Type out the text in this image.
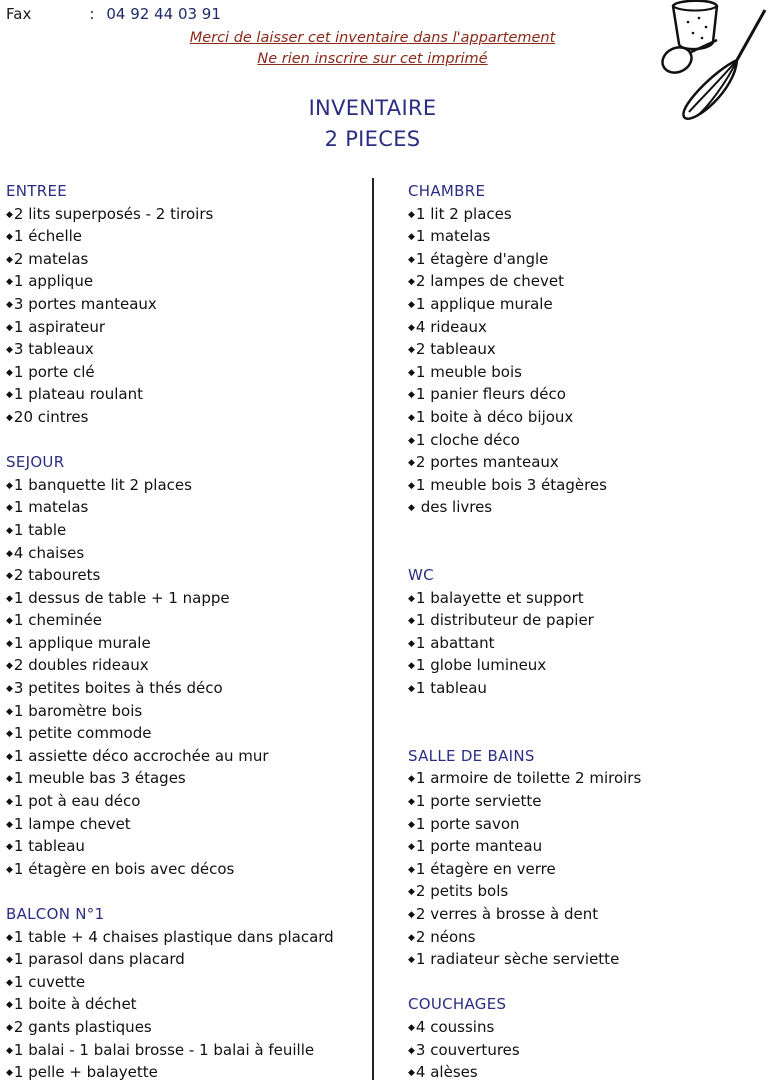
Fax	: 04 92 44 03 91
Merci de laisser cet inventaire dans l'appartement
Ne rien inscrire sur cet imprimé
INVENTAIRE
2 PIECES
ENTREE
◆2 lits superposés - 2 tiroirs
◆1 échelle
◆2 matelas
◆1 applique
◆3 portes manteaux
◆1 aspirateur
◆3 tableaux
◆1 porte clé
◆1 plateau roulant
◆20 cintres
SEJOUR
◆1 banquette lit 2 places
◆1 matelas
◆1 table
◆4 chaises
◆2 tabourets
◆1 dessus de table + 1 nappe
◆1 cheminée
◆1 applique murale
◆2 doubles rideaux
◆3 petites boites à thés déco
◆1 baromètre bois
◆1 petite commode
◆1 assiette déco accrochée au mur
◆1 meuble bas 3 étages
◆1 pot à eau déco
◆1 lampe chevet
◆1 tableau
◆1 étagère en bois avec décos
BALCON N°1
◆1 table + 4 chaises plastique dans placard
◆1 parasol dans placard
◆1 cuvette
◆1 boite à déchet
◆2 gants plastiques
◆1 balai - 1 balai brosse - 1 balai à feuille
◆1 pelle + balayette
CHAMBRE
◆1 lit 2 places
◆1 matelas
◆1 étagère d'angle
◆2 lampes de chevet
◆1 applique murale
◆4 rideaux
◆2 tableaux
◆1 meuble bois
◆1 panier fleurs déco
◆1 boite à déco bijoux
◆1 cloche déco
◆2 portes manteaux
◆1 meuble bois 3 étagères
◆ des livres
WC
◆1 balayette et support
◆1 distributeur de papier
◆1 abattant
◆1 globe lumineux
◆1 tableau
SALLE DE BAINS
◆1 armoire de toilette 2 miroirs
◆1 porte serviette
◆1 porte savon
◆1 porte manteau
◆1 étagère en verre
◆2 petits bols
◆2 verres à brosse à dent
◆2 néons
◆1 radiateur sèche serviette
COUCHAGES
◆4 coussins
◆3 couvertures
◆4 alèses
